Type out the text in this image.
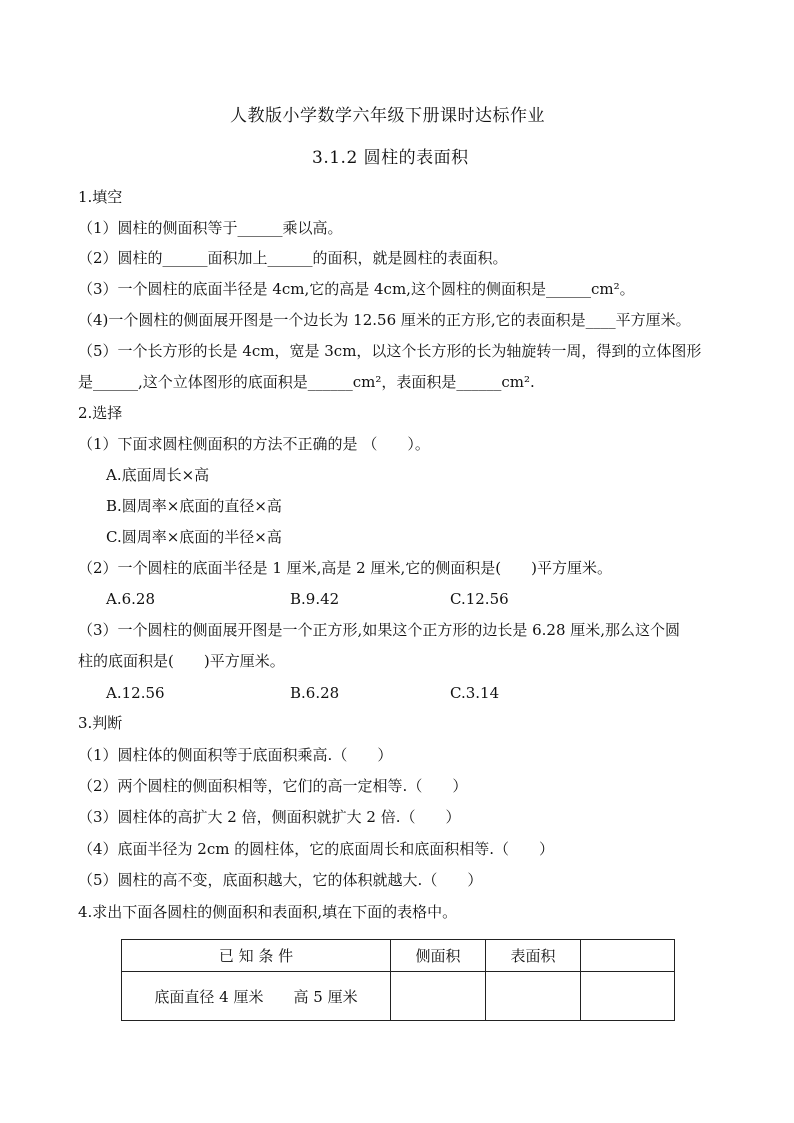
人教版小学数学六年级下册课时达标作业
3.1.2 圆柱的表面积
1.填空
（1）圆柱的侧面积等于______乘以高。
（2）圆柱的______面积加上______的面积，就是圆柱的表面积。
（3）一个圆柱的底面半径是 4cm,它的高是 4cm,这个圆柱的侧面积是______cm²。
（4)一个圆柱的侧面展开图是一个边长为 12.56 厘米的正方形,它的表面积是____平方厘米。
（5）一个长方形的长是 4cm，宽是 3cm，以这个长方形的长为轴旋转一周，得到的立体图形
是______,这个立体图形的底面积是______cm²，表面积是______cm².
2.选择
（1）下面求圆柱侧面积的方法不正确的是 （　　）。
A.底面周长×高
B.圆周率×底面的直径×高
C.圆周率×底面的半径×高
（2）一个圆柱的底面半径是 1 厘米,高是 2 厘米,它的侧面积是(　　)平方厘米。
A.6.28	B.9.42	C.12.56
（3）一个圆柱的侧面展开图是一个正方形,如果这个正方形的边长是 6.28 厘米,那么这个圆
柱的底面积是(　　)平方厘米。
A.12.56	B.6.28	C.3.14
3.判断
（1）圆柱体的侧面积等于底面积乘高.（　　）
（2）两个圆柱的侧面积相等，它们的高一定相等.（　　）
（3）圆柱体的高扩大 2 倍，侧面积就扩大 2 倍.（　　）
（4）底面半径为 2cm 的圆柱体，它的底面周长和底面积相等.（　　）
（5）圆柱的高不变，底面积越大，它的体积就越大.（　　）
4.求出下面各圆柱的侧面积和表面积,填在下面的表格中。
已 知 条 件	侧面积	表面积	
底面直径 4 厘米　　高 5 厘米			
